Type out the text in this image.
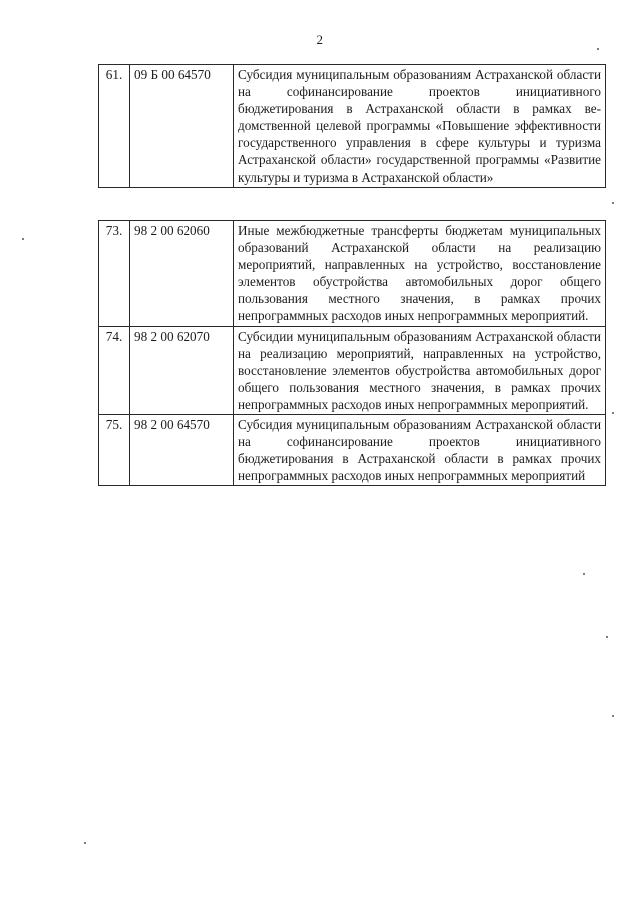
2
61.	09 Б 00 64570	Субсидия муниципальным образованиям Астраханской области на софинансирование проектов инициативного бюджетирования в Астраханской области в рамках ведомственной целевой программы «Повышение эффективности государственного управления в сфере культуры и туризма Астраханской области» государственной программы «Развитие культуры и туризма в Астраханской области»
73.	98 2 00 62060	Иные межбюджетные трансферты бюджетам муниципальных образований Астраханской области на реализацию мероприятий, направленных на устройство, восстановление элементов обустройства автомобильных дорог общего пользования местного значения, в рамках прочих непрограммных расходов иных непрограммных мероприятий.
74.	98 2 00 62070	Субсидии муниципальным образованиям Астраханской области на реализацию мероприятий, направленных на устройство, восстановление элементов обустройства автомобильных дорог общего пользования местного значения, в рамках прочих непрограммных расходов иных непрограммных мероприятий.
75.	98 2 00 64570	Субсидия муниципальным образованиям Астраханской области на софинансирование проектов инициативного бюджетирования в Астраханской области в рамках прочих непрограммных расходов иных непрограммных мероприятий
